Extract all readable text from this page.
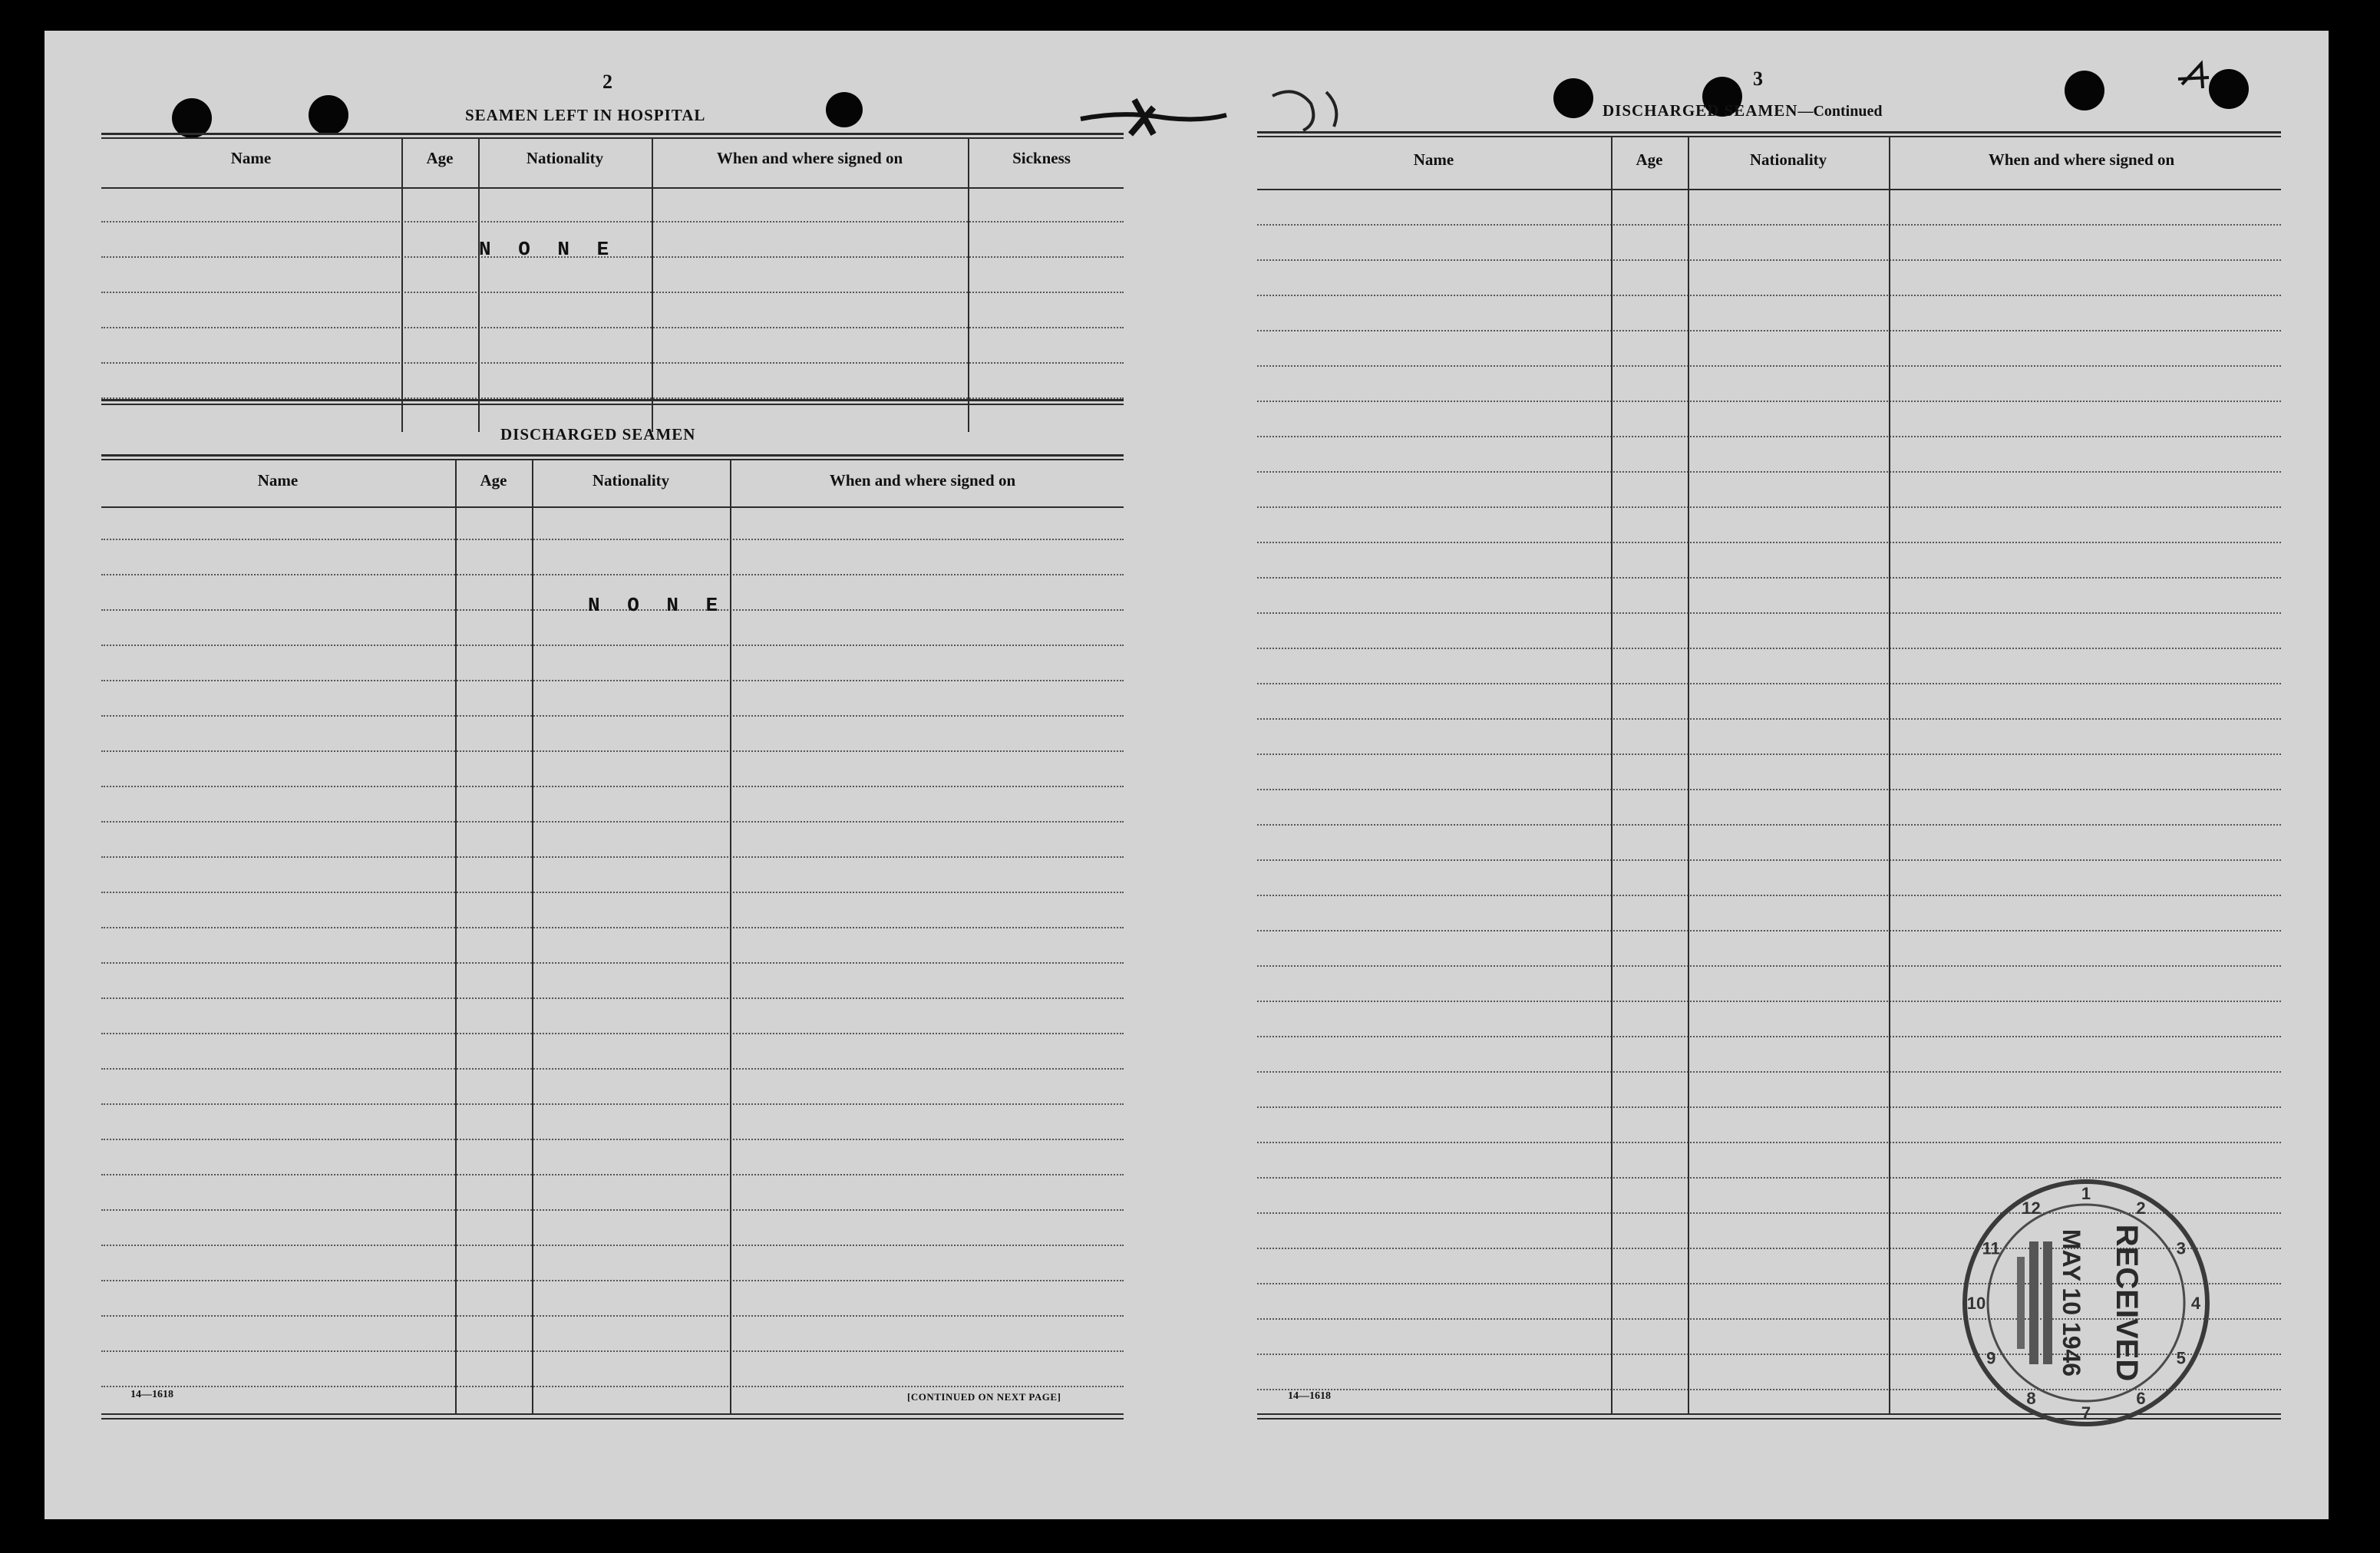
2
SEAMEN LEFT IN HOSPITAL
Name	Age	Nationality	When and where signed on	Sickness
N O N E
DISCHARGED SEAMEN
Name	Age	Nationality	When and where signed on
N O N E
14—1618	[CONTINUED ON NEXT PAGE]
3
DISCHARGED SEAMEN—Continued
Name	Age	Nationality	When and where signed on
14—1618
1
2
3
4
5
6
7
8
9
10
11
12
RECEIVED
MAY 10 1946
